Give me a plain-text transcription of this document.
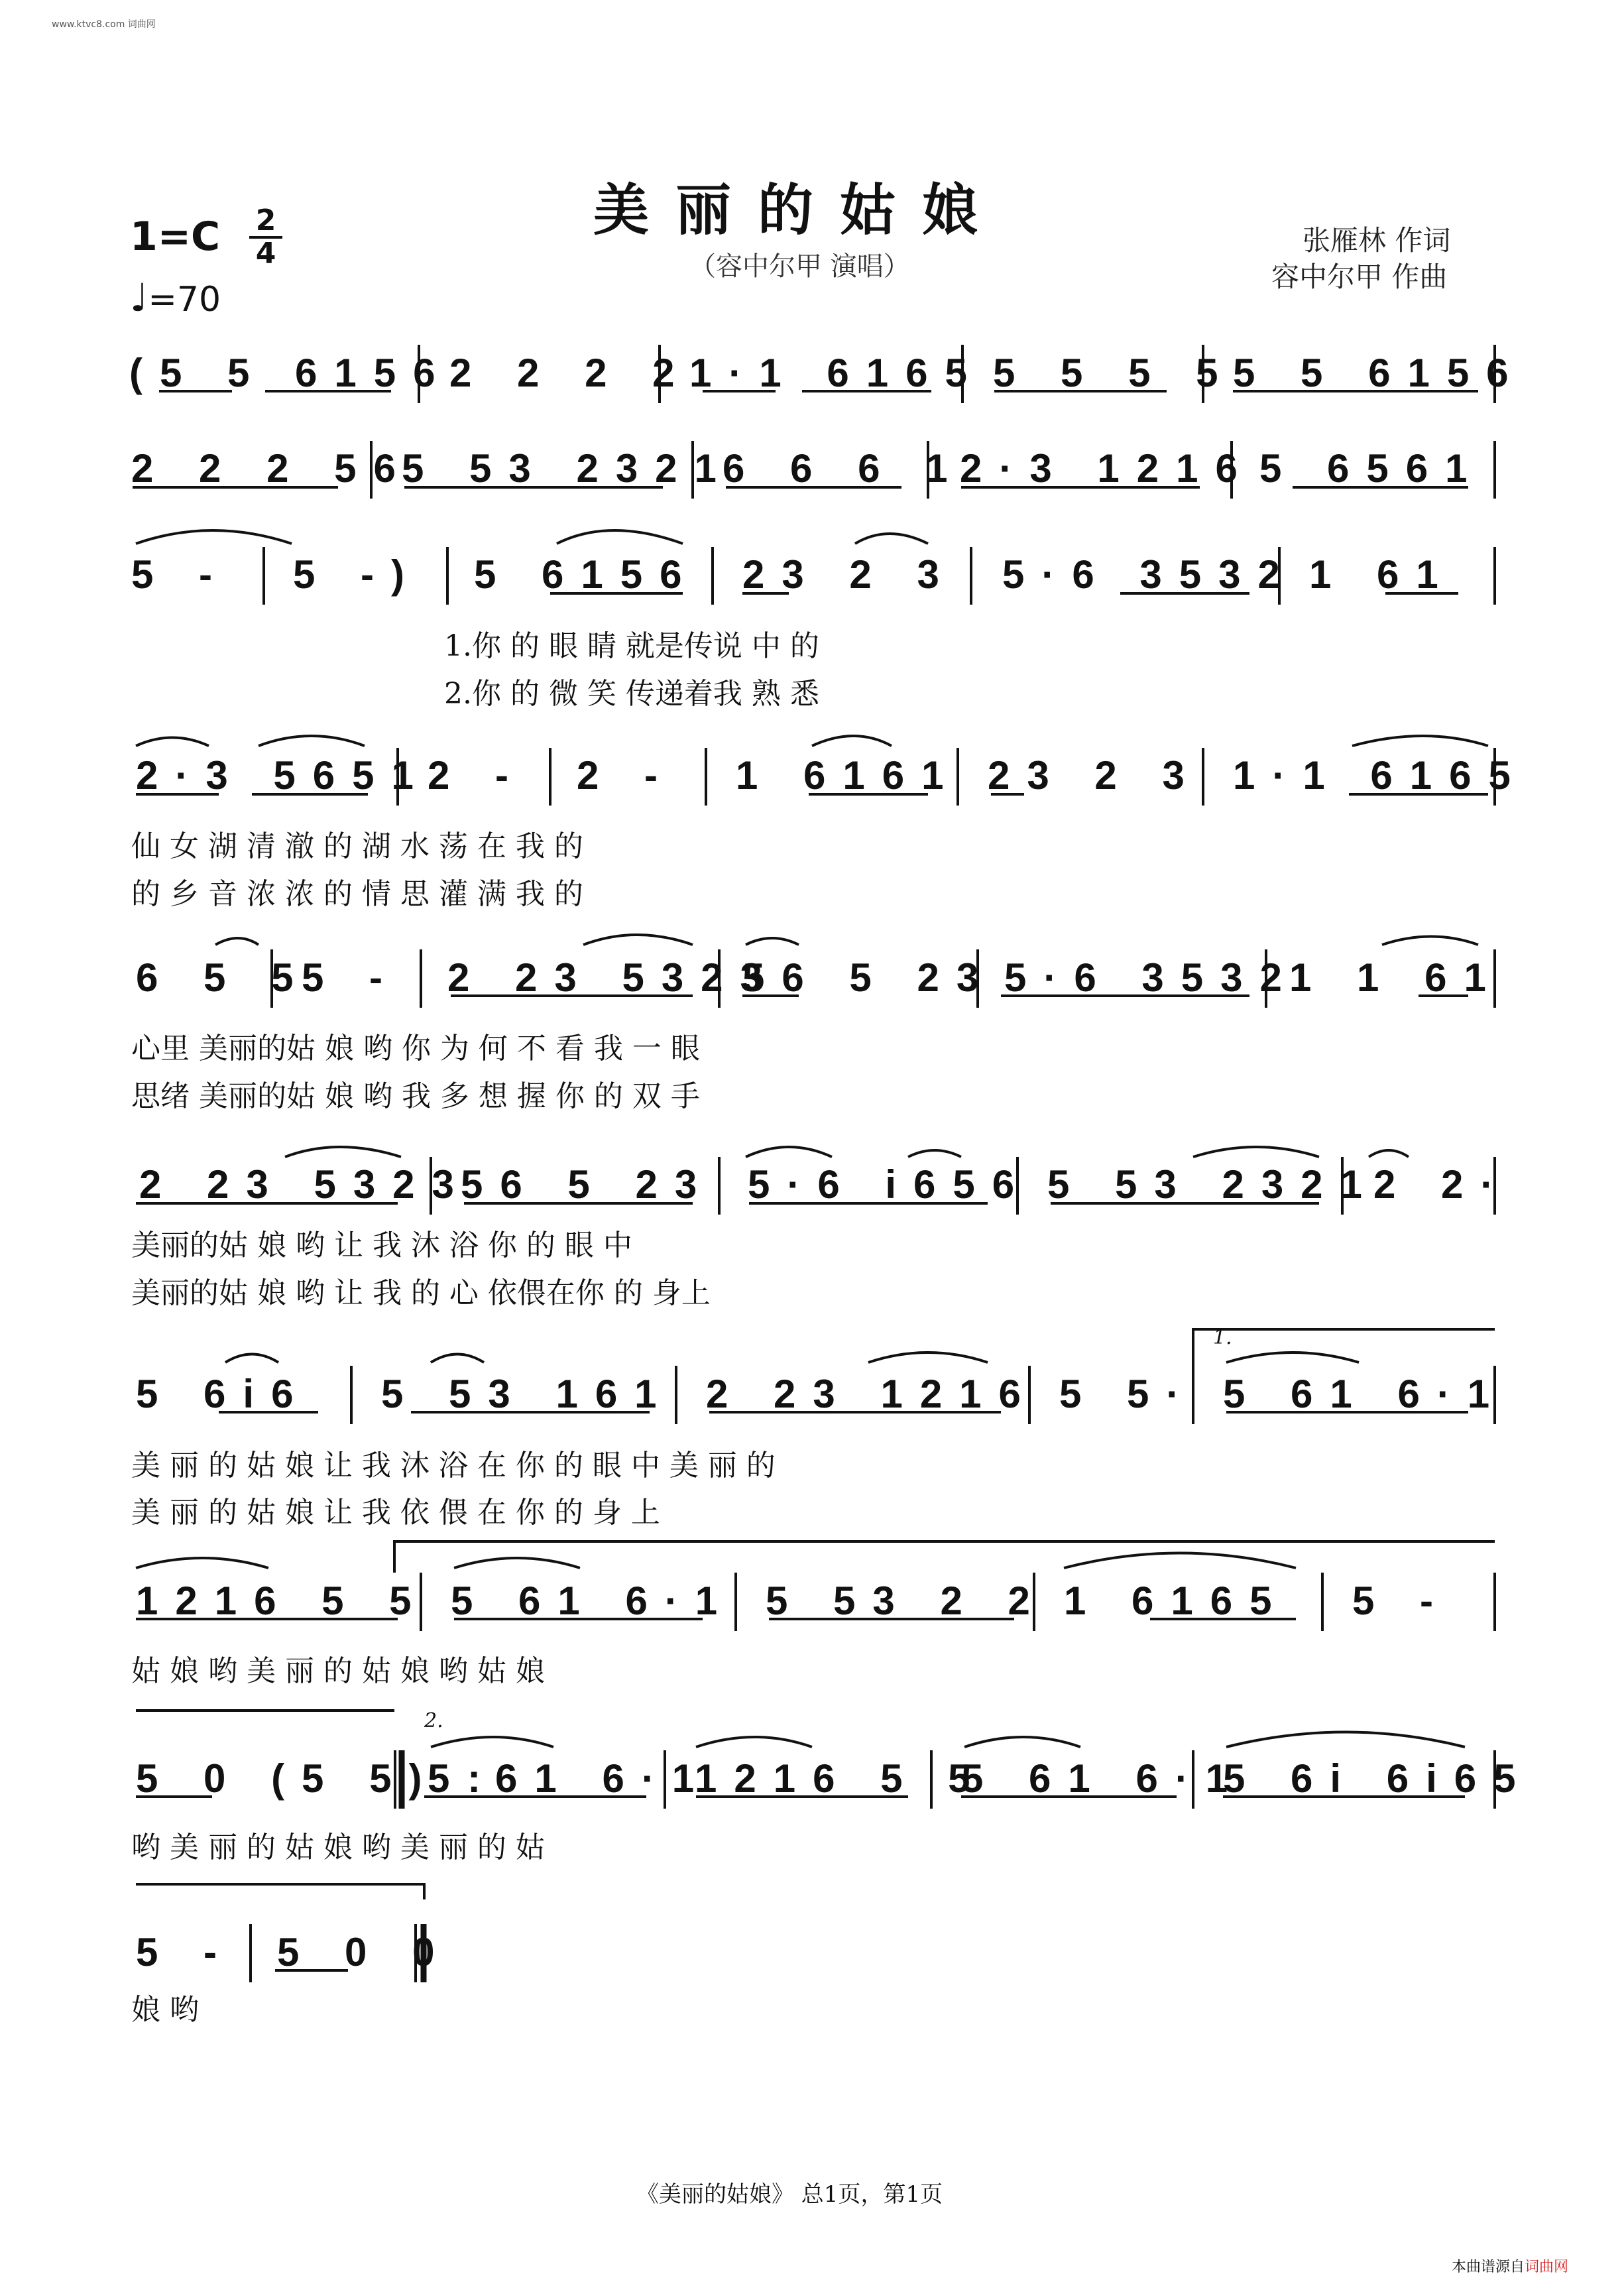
www.ktvc8.com 词曲网
美丽的姑娘
（容中尔甲 演唱）
张雁林 作词
容中尔甲 作曲
1=C 2
4
♩=70
(5 5 6156
2 2 2 2
1·1 6165 5 5 5 5
5 5 6156
2 2 2 56
5 53 2321
6 6 6 1
2·3 1216 5 6561
5 - 5 -) 5 6156 23 2 3 5·6 3532 1 61
1.你 的 眼 睛 就是传说 中 的
2.你 的 微 笑 传递着我 熟 悉
2·3 5651
2 - 2 - 1 6161 23 2 3 1·1 6165
仙 女 湖 清 澈 的 湖 水 荡 在 我 的
的 乡 音 浓 浓 的 情 思 灌 满 我 的
6 5 5
5 - 2 23 5323
56 5 23 5·6 3532
1 1 61
心里 美丽的姑 娘 哟 你 为 何 不 看 我 一 眼
思绪 美丽的姑 娘 哟 我 多 想 握 你 的 双 手
2 23 5323
56 5 23 5·6 i656 5 53 2321
2 2·
美丽的姑 娘 哟 让 我 沐 浴 你 的 眼 中
美丽的姑 娘 哟 让 我 的 心 依偎在你 的 身上
5 6i6 5 53 161 2 23 1216 5 5· 5 61 6·1
美 丽 的 姑 娘 让 我 沐 浴 在 你 的 眼 中 美 丽 的
美 丽 的 姑 娘 让 我 依 偎 在 你 的 身 上
1216 5 5 5 61 6·1 5 53 2 2 1 6165 5 -
姑 娘 哟 美 丽 的 姑 娘 哟 姑 娘
5 0 (5 5) :
5 61 6·1
1216 5 5
5 61 6·1
5 6i 6i65
哟 美 丽 的 姑 娘 哟 美 丽 的 姑
5 - 5 0 0
娘 哟
1.
2.
《美丽的姑娘》 总1页，第1页
本曲谱源自词曲网
